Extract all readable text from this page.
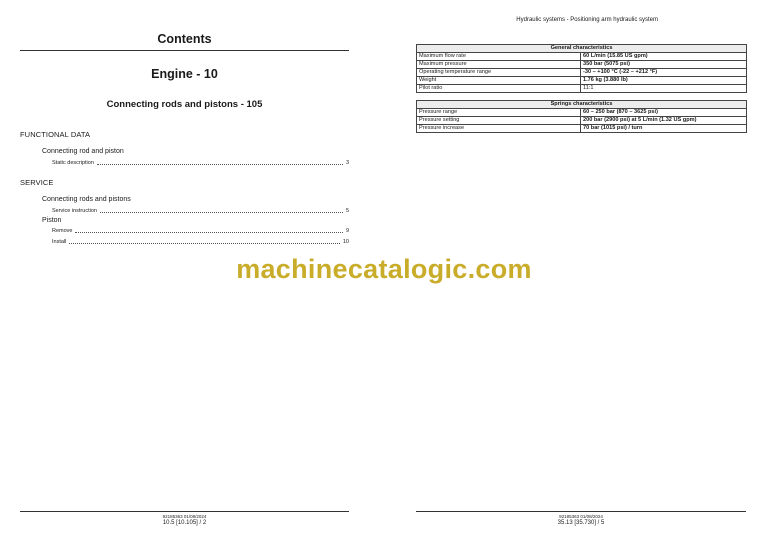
Contents
Engine - 10
Connecting rods and pistons - 105
FUNCTIONAL DATA
Connecting rod and piston
Static description	3
SERVICE
Connecting rods and pistons
Service instruction	5
Piston
Remove	9
Install	10
92185363 01/08/2024
10.5 [10.105] / 2
Hydraulic systems - Positioning arm hydraulic system
General characteristics	
Maximum flow rate	60 L/min (15.85 US gpm)
Maximum pressure	350 bar (5075 psi)
Operating temperature range	-30 – +100 °C (-22 – +212 °F)
Weight	1.76 kg (3.880 lb)
Pilot ratio	11:1
Springs characteristics	
Pressure range	60 – 250 bar (870 – 3625 psi)
Pressure setting	200 bar (2900 psi) at 5 L/min (1.32 US gpm)
Pressure increase	70 bar (1015 psi) / turn
92185363 01/08/2024
35.13 [35.730] / 5
machinecatalogic.com
